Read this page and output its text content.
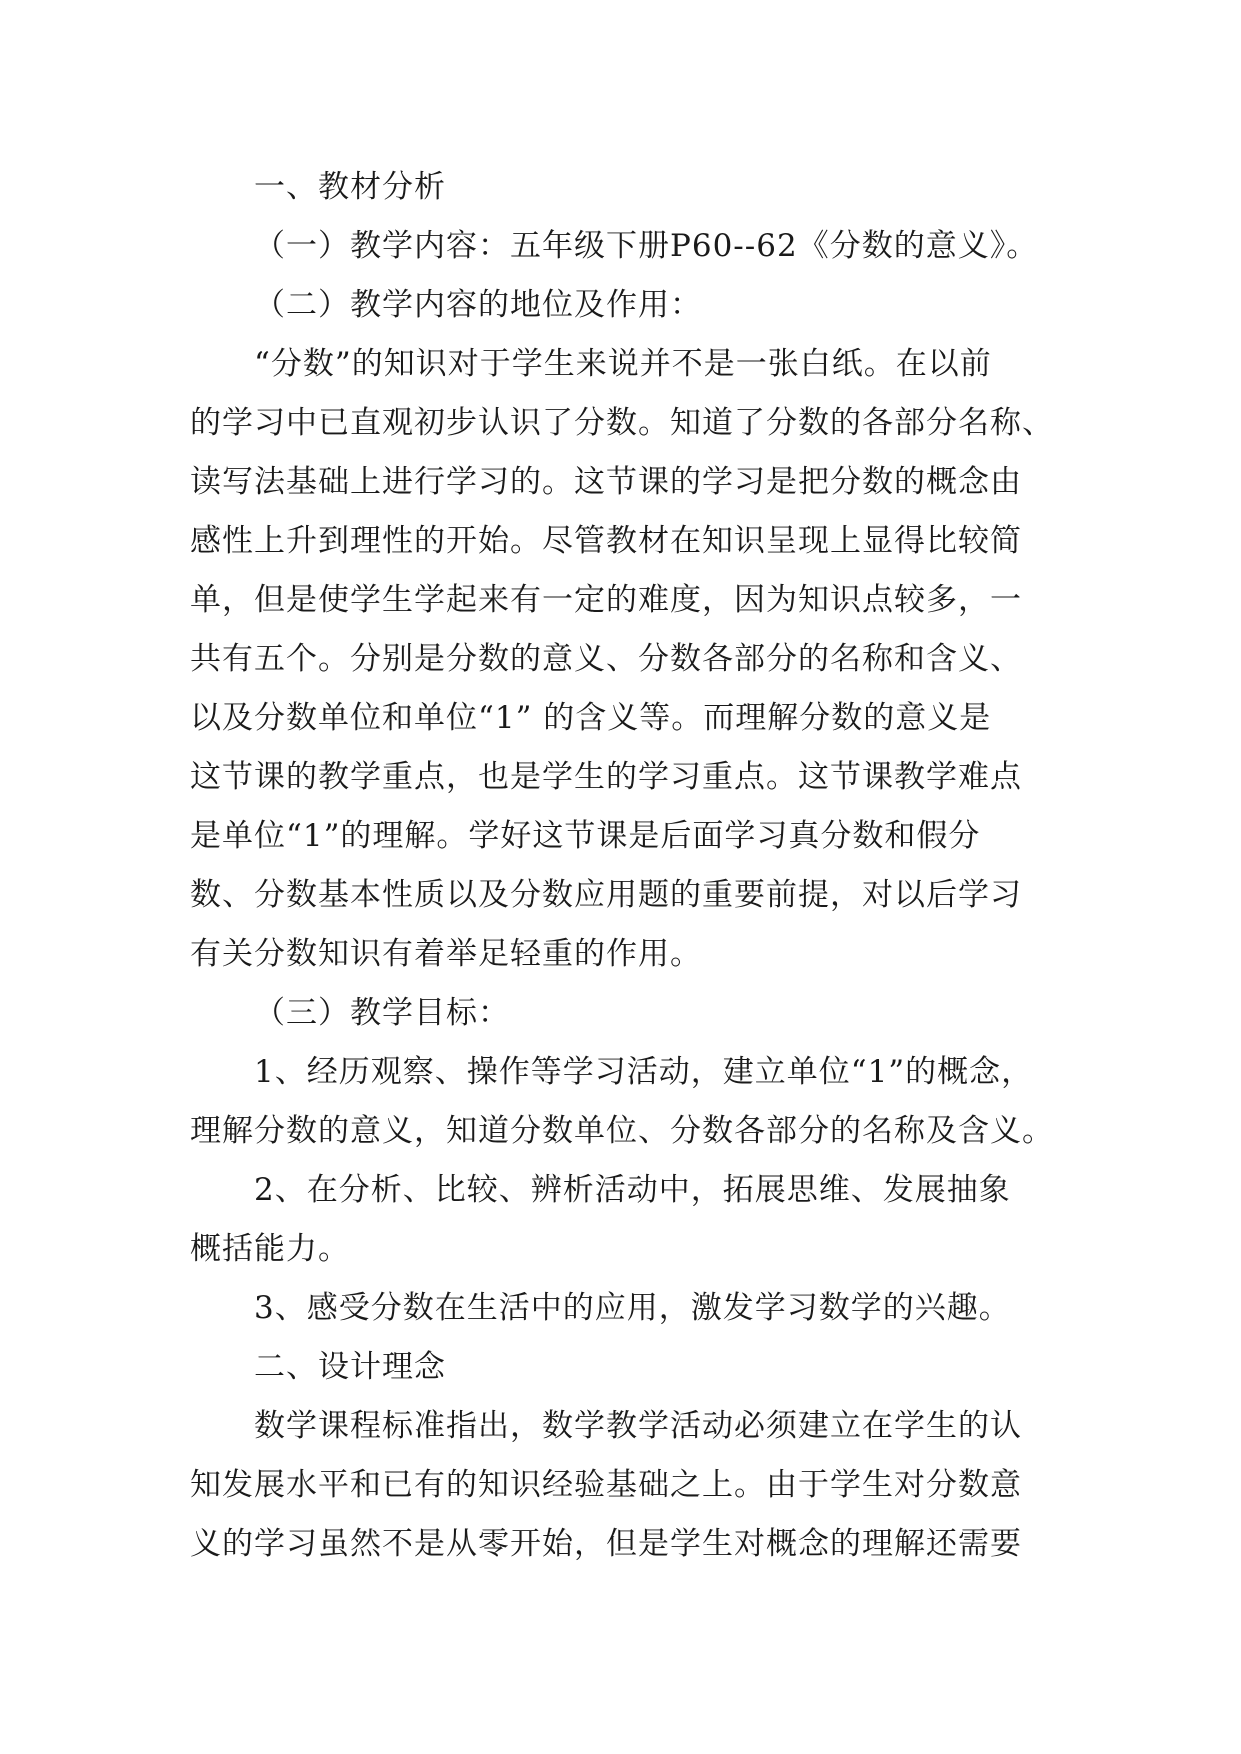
一、教材分析
（一）教学内容：五年级下册P60--62《分数的意义》。
（二）教学内容的地位及作用：
“分数”的知识对于学生来说并不是一张白纸。在以前
的学习中已直观初步认识了分数。知道了分数的各部分名称、
读写法基础上进行学习的。这节课的学习是把分数的概念由
感性上升到理性的开始。尽管教材在知识呈现上显得比较简
单，但是使学生学起来有一定的难度，因为知识点较多，一
共有五个。分别是分数的意义、分数各部分的名称和含义、
以及分数单位和单位“1” 的含义等。而理解分数的意义是
这节课的教学重点，也是学生的学习重点。这节课教学难点
是单位“1”的理解。学好这节课是后面学习真分数和假分
数、分数基本性质以及分数应用题的重要前提，对以后学习
有关分数知识有着举足轻重的作用。
（三）教学目标：
1、经历观察、操作等学习活动，建立单位“1”的概念，
理解分数的意义，知道分数单位、分数各部分的名称及含义。
2、在分析、比较、辨析活动中，拓展思维、发展抽象
概括能力。
3、感受分数在生活中的应用，激发学习数学的兴趣。
二、设计理念
数学课程标准指出，数学教学活动必须建立在学生的认
知发展水平和已有的知识经验基础之上。由于学生对分数意
义的学习虽然不是从零开始，但是学生对概念的理解还需要
